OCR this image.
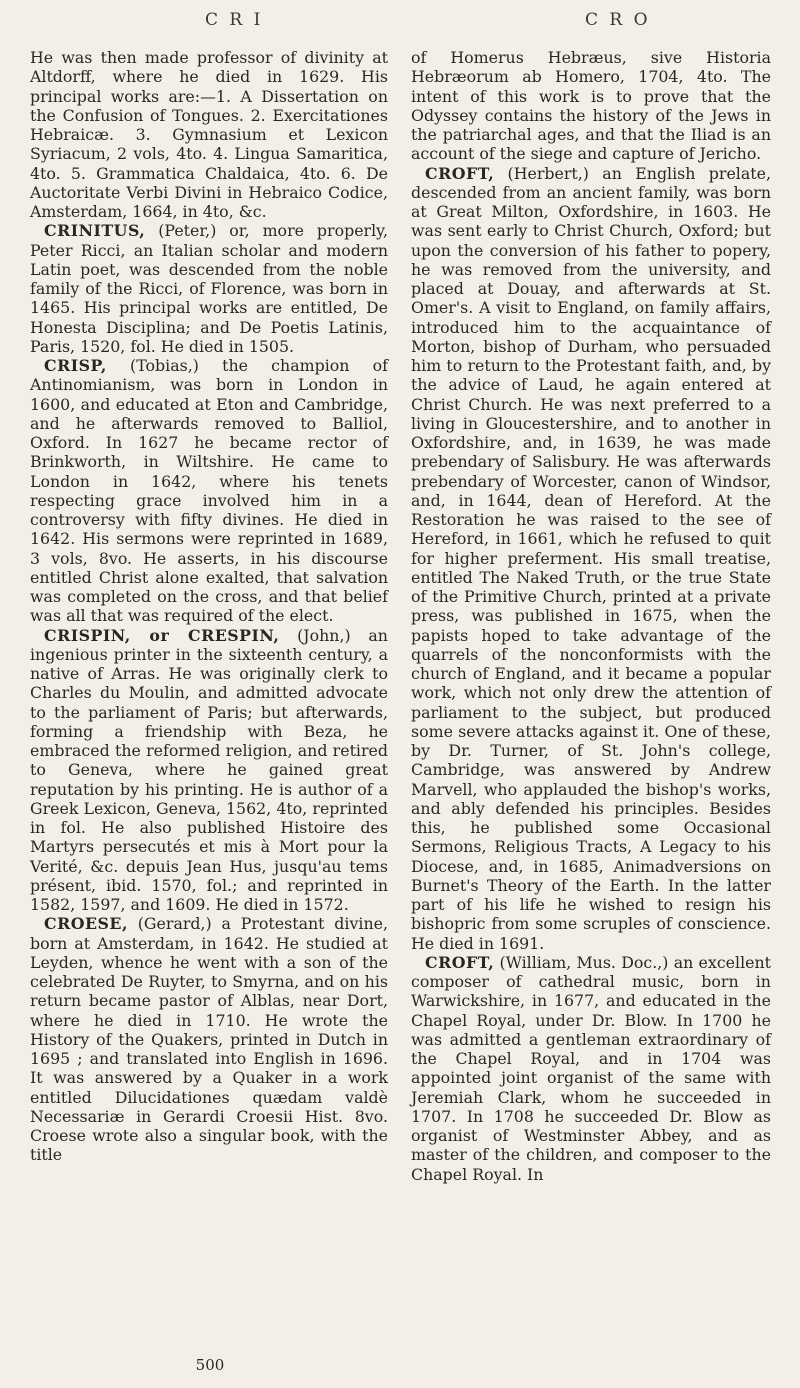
C R I	C R O

He was then made professor of divinity at Altdorff, where he died in 1629. His principal works are:—1. A Dissertation on the Confusion of Tongues. 2. Exercitationes Hebraicæ. 3. Gymnasium et Lexicon Syriacum, 2 vols, 4to. 4. Lingua Samaritica, 4to. 5. Grammatica Chaldaica, 4to. 6. De Auctoritate Verbi Divini in Hebraico Codice, Amsterdam, 1664, in 4to, &c.

CRINITUS, (Peter,) or, more properly, Peter Ricci, an Italian scholar and modern Latin poet, was descended from the noble family of the Ricci, of Florence, was born in 1465. His principal works are entitled, De Honesta Disciplina; and De Poetis Latinis, Paris, 1520, fol. He died in 1505.

CRISP, (Tobias,) the champion of Antinomianism, was born in London in 1600, and educated at Eton and Cambridge, and he afterwards removed to Balliol, Oxford. In 1627 he became rector of Brinkworth, in Wiltshire. He came to London in 1642, where his tenets respecting grace involved him in a controversy with fifty divines. He died in 1642. His sermons were reprinted in 1689, 3 vols, 8vo. He asserts, in his discourse entitled Christ alone exalted, that salvation was completed on the cross, and that belief was all that was required of the elect.

CRISPIN, or CRESPIN, (John,) an ingenious printer in the sixteenth century, a native of Arras. He was originally clerk to Charles du Moulin, and admitted advocate to the parliament of Paris; but afterwards, forming a friendship with Beza, he embraced the reformed religion, and retired to Geneva, where he gained great reputation by his printing. He is author of a Greek Lexicon, Geneva, 1562, 4to, reprinted in fol. He also published Histoire des Martyrs persecutés et mis à Mort pour la Verité, &c. depuis Jean Hus, jusqu'au tems présent, ibid. 1570, fol.; and reprinted in 1582, 1597, and 1609. He died in 1572.

CROESE, (Gerard,) a Protestant divine, born at Amsterdam, in 1642. He studied at Leyden, whence he went with a son of the celebrated De Ruyter, to Smyrna, and on his return became pastor of Alblas, near Dort, where he died in 1710. He wrote the History of the Quakers, printed in Dutch in 1695 ; and translated into English in 1696. It was answered by a Quaker in a work entitled Dilucidationes quædam valdè Necessariæ in Gerardi Croesii Hist. 8vo. Croese wrote also a singular book, with the title

of Homerus Hebræus, sive Historia Hebræorum ab Homero, 1704, 4to. The intent of this work is to prove that the Odyssey contains the history of the Jews in the patriarchal ages, and that the Iliad is an account of the siege and capture of Jericho.

CROFT, (Herbert,) an English prelate, descended from an ancient family, was born at Great Milton, Oxfordshire, in 1603. He was sent early to Christ Church, Oxford; but upon the conversion of his father to popery, he was removed from the university, and placed at Douay, and afterwards at St. Omer's. A visit to England, on family affairs, introduced him to the acquaintance of Morton, bishop of Durham, who persuaded him to return to the Protestant faith, and, by the advice of Laud, he again entered at Christ Church. He was next preferred to a living in Gloucestershire, and to another in Oxfordshire, and, in 1639, he was made prebendary of Salisbury. He was afterwards prebendary of Worcester, canon of Windsor, and, in 1644, dean of Hereford. At the Restoration he was raised to the see of Hereford, in 1661, which he refused to quit for higher preferment. His small treatise, entitled The Naked Truth, or the true State of the Primitive Church, printed at a private press, was published in 1675, when the papists hoped to take advantage of the quarrels of the nonconformists with the church of England, and it became a popular work, which not only drew the attention of parliament to the subject, but produced some severe attacks against it. One of these, by Dr. Turner, of St. John's college, Cambridge, was answered by Andrew Marvell, who applauded the bishop's works, and ably defended his principles. Besides this, he published some Occasional Sermons, Religious Tracts, A Legacy to his Diocese, and, in 1685, Animadversions on Burnet's Theory of the Earth. In the latter part of his life he wished to resign his bishopric from some scruples of conscience. He died in 1691.

CROFT, (William, Mus. Doc.,) an excellent composer of cathedral music, born in Warwickshire, in 1677, and educated in the Chapel Royal, under Dr. Blow. In 1700 he was admitted a gentleman extraordinary of the Chapel Royal, and in 1704 was appointed joint organist of the same with Jeremiah Clark, whom he succeeded in 1707. In 1708 he succeeded Dr. Blow as organist of Westminster Abbey, and as master of the children, and composer to the Chapel Royal. In

500
